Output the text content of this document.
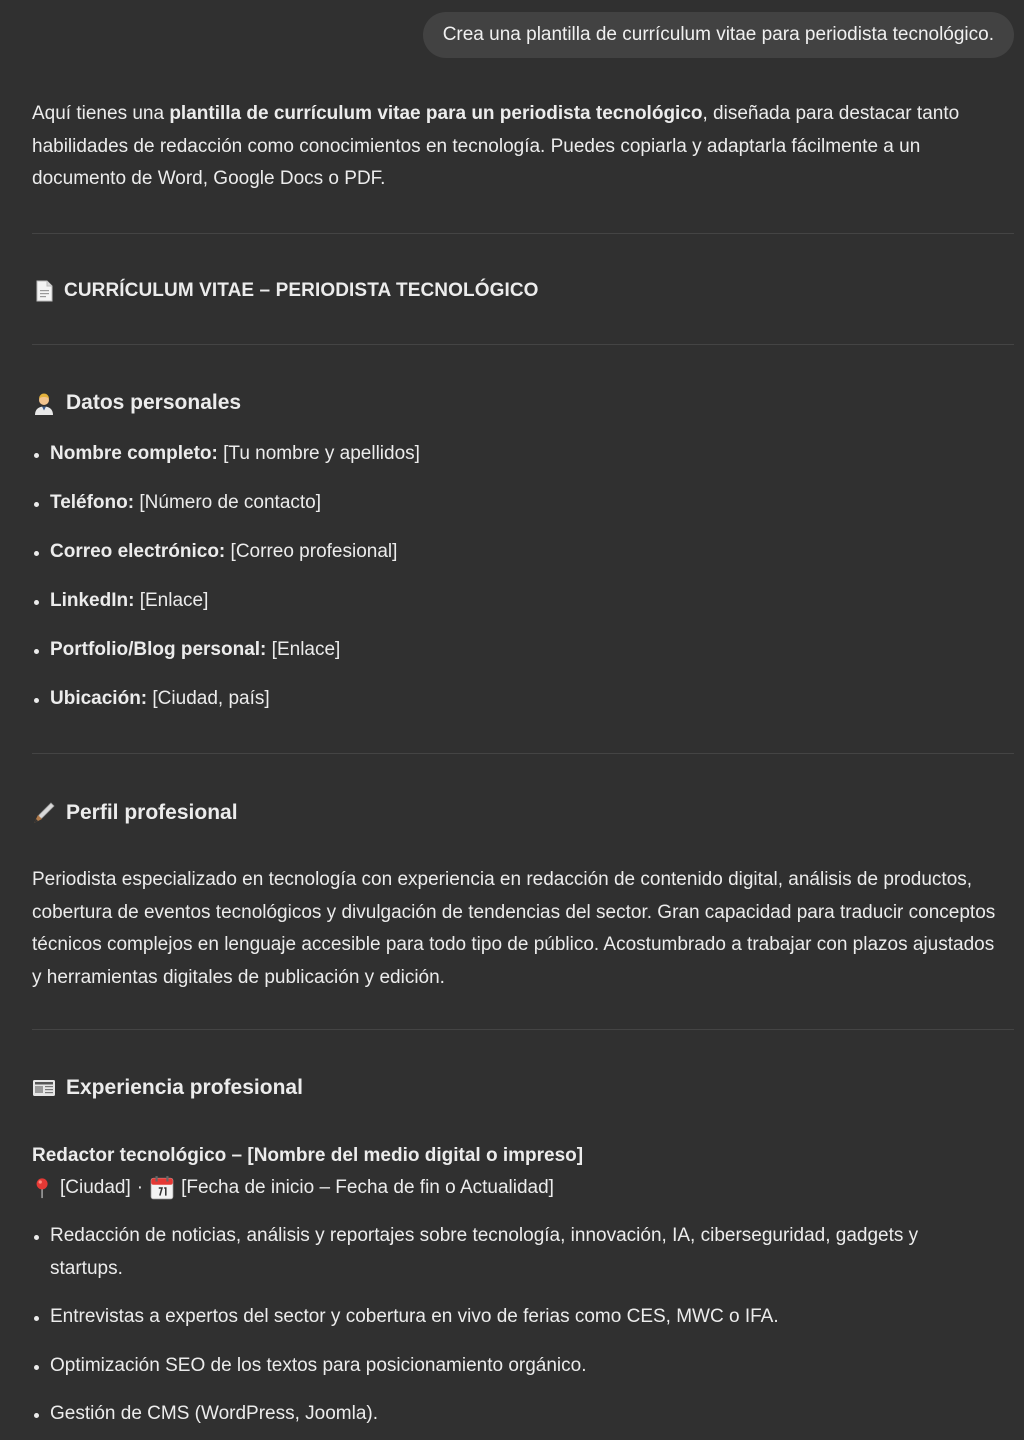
Crea una plantilla de currículum vitae para periodista tecnológico.

Aquí tienes una plantilla de currículum vitae para un periodista tecnológico, diseñada para destacar tanto habilidades de redacción como conocimientos en tecnología. Puedes copiarla y adaptarla fácilmente a un documento de Word, Google Docs o PDF.

CURRÍCULUM VITAE – PERIODISTA TECNOLÓGICO
Datos personales
Nombre completo: [Tu nombre y apellidos]
Teléfono: [Número de contacto]
Correo electrónico: [Correo profesional]
LinkedIn: [Enlace]
Portfolio/Blog personal: [Enlace]
Ubicación: [Ciudad, país]
Perfil profesional

Periodista especializado en tecnología con experiencia en redacción de contenido digital, análisis de productos, cobertura de eventos tecnológicos y divulgación de tendencias del sector. Gran capacidad para traducir conceptos técnicos complejos en lenguaje accesible para todo tipo de público. Acostumbrado a trabajar con plazos ajustados y herramientas digitales de publicación y edición.

Experiencia profesional
Redactor tecnológico – [Nombre del medio digital o impreso]
[Ciudad] · [Fecha de inicio – Fecha de fin o Actualidad]
Redacción de noticias, análisis y reportajes sobre tecnología, innovación, IA, ciberseguridad, gadgets y startups.
Entrevistas a expertos del sector y cobertura en vivo de ferias como CES, MWC o IFA.
Optimización SEO de los textos para posicionamiento orgánico.
Gestión de CMS (WordPress, Joomla).
